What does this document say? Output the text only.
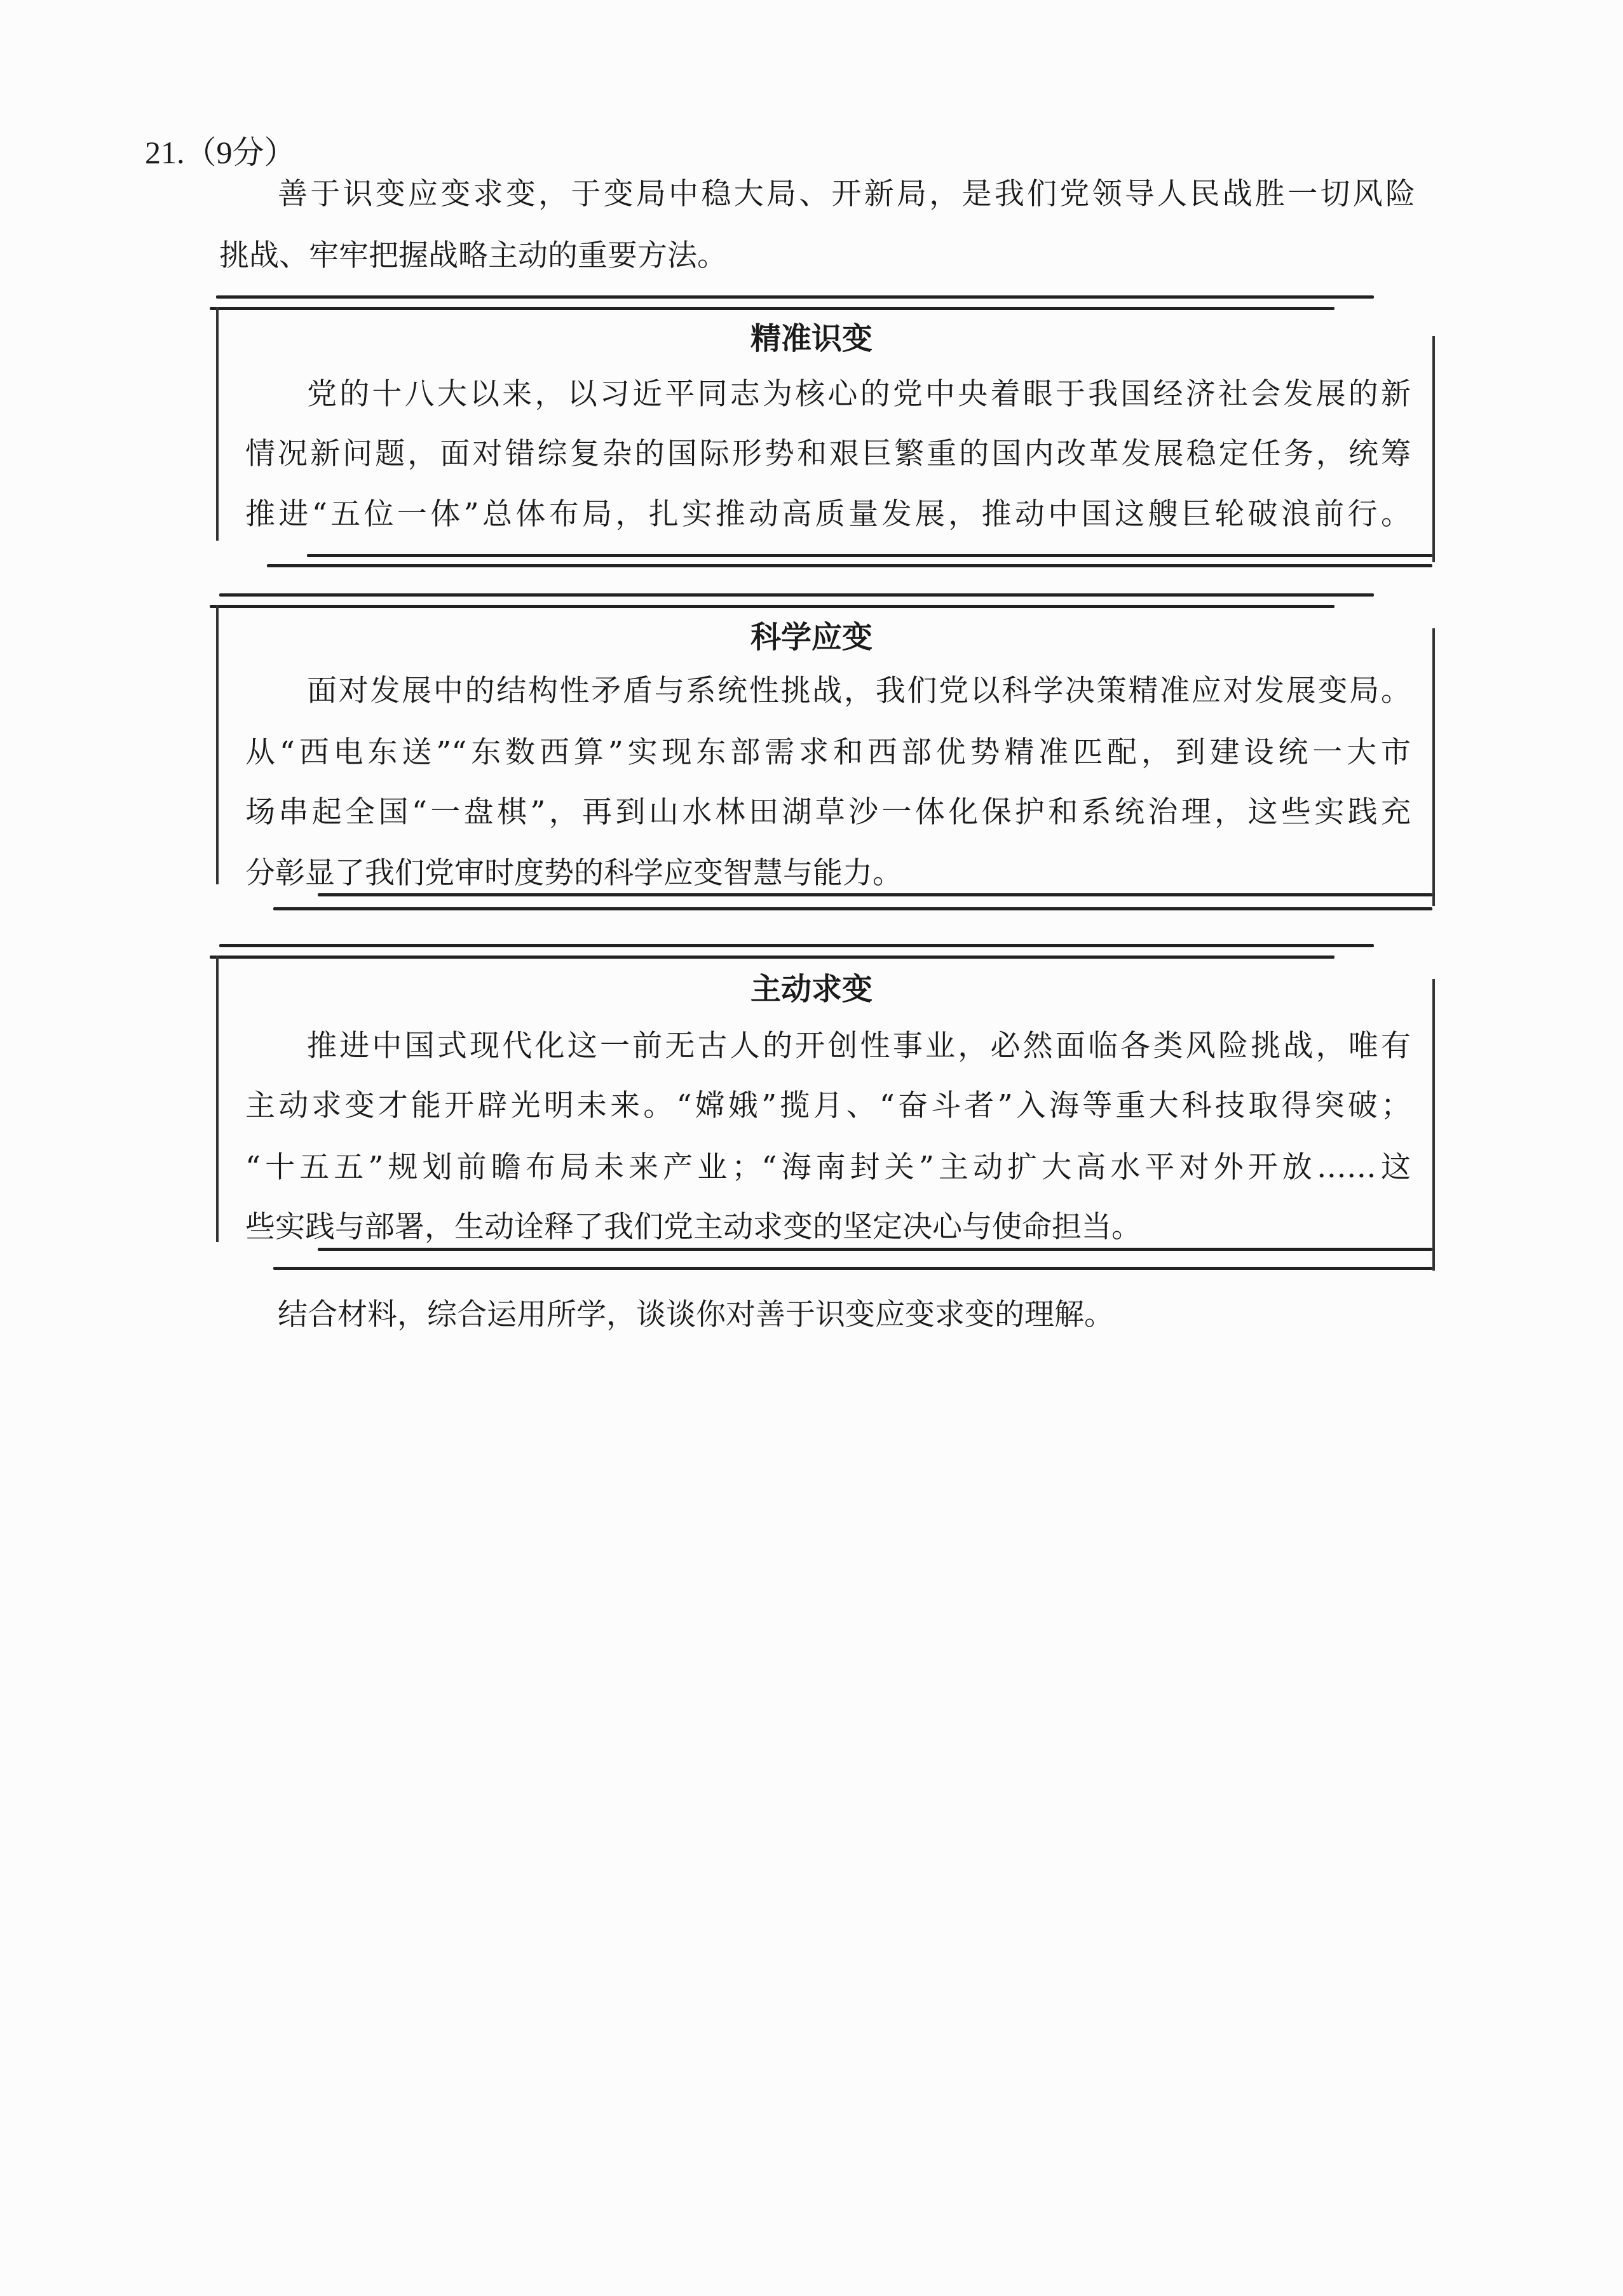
21.（9分）
善于识变应变求变，于变局中稳大局、开新局，是我们党领导人民战胜一切风险
挑战、牢牢把握战略主动的重要方法。
精准识变
党的十八大以来，以习近平同志为核心的党中央着眼于我国经济社会发展的新
情况新问题，面对错综复杂的国际形势和艰巨繁重的国内改革发展稳定任务，统筹
推进“五位一体”总体布局，扎实推动高质量发展，推动中国这艘巨轮破浪前行。
科学应变
面对发展中的结构性矛盾与系统性挑战，我们党以科学决策精准应对发展变局。
从“西电东送”“东数西算”实现东部需求和西部优势精准匹配，到建设统一大市
场串起全国“一盘棋”，再到山水林田湖草沙一体化保护和系统治理，这些实践充
分彰显了我们党审时度势的科学应变智慧与能力。
主动求变
推进中国式现代化这一前无古人的开创性事业，必然面临各类风险挑战，唯有
主动求变才能开辟光明未来。“嫦娥”揽月、“奋斗者”入海等重大科技取得突破；
“十五五”规划前瞻布局未来产业；“海南封关”主动扩大高水平对外开放……这
些实践与部署，生动诠释了我们党主动求变的坚定决心与使命担当。
结合材料，综合运用所学，谈谈你对善于识变应变求变的理解。
